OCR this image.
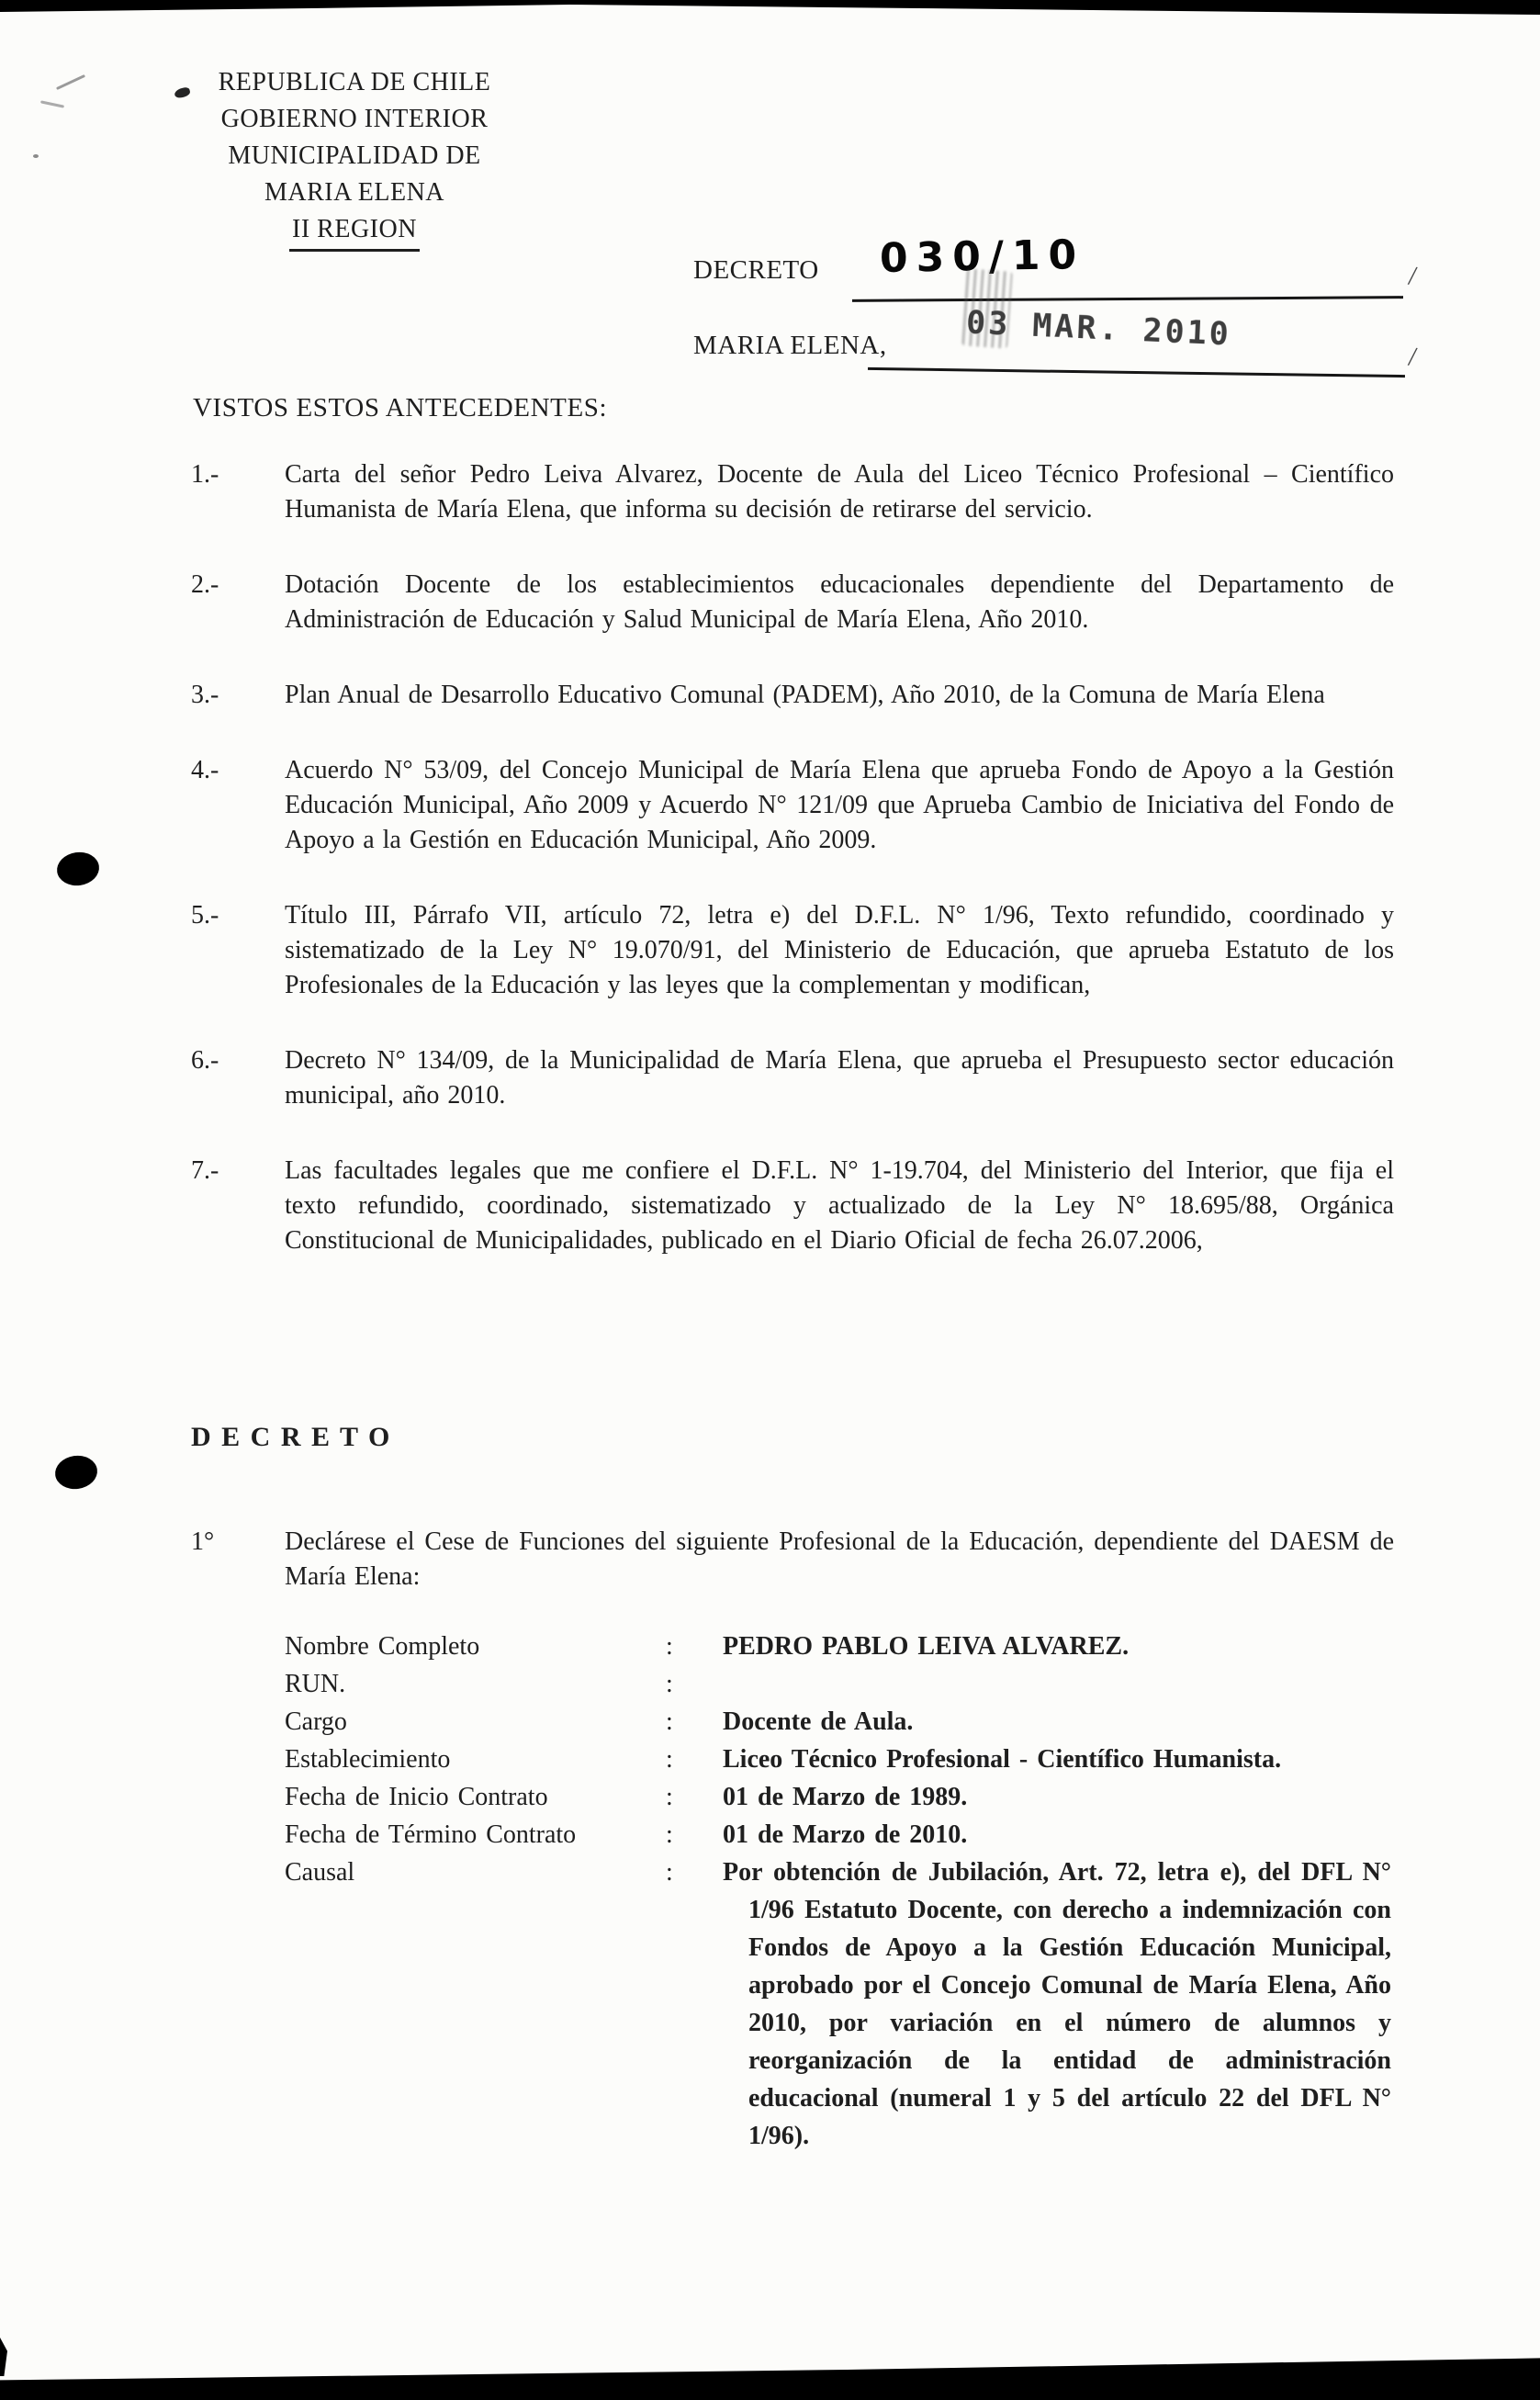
REPUBLICA DE CHILE
GOBIERNO INTERIOR
MUNICIPALIDAD DE
MARIA ELENA
II REGION
DECRETO 030/10	/
MARIA ELENA, 03 MAR. 2010
/
VISTOS ESTOS ANTECEDENTES:
1.-	Carta del señor Pedro Leiva Alvarez, Docente de Aula del Liceo Técnico Profesional – Científico Humanista de María Elena, que informa su decisión de retirarse del servicio.
2.-	Dotación Docente de los establecimientos educacionales dependiente del Departamento de Administración de Educación y Salud Municipal de María Elena, Año 2010.
3.-	Plan Anual de Desarrollo Educativo Comunal (PADEM), Año 2010, de la Comuna de María Elena
4.-	Acuerdo N° 53/09, del Concejo Municipal de María Elena que aprueba Fondo de Apoyo a la Gestión Educación Municipal, Año 2009 y Acuerdo N° 121/09 que Aprueba Cambio de Iniciativa del Fondo de Apoyo a la Gestión en Educación Municipal, Año 2009.
5.-	Título III, Párrafo VII, artículo 72, letra e) del D.F.L. N° 1/96, Texto refundido, coordinado y sistematizado de la Ley N° 19.070/91, del Ministerio de Educación, que aprueba Estatuto de los Profesionales de la Educación y las leyes que la complementan y modifican,
6.-	Decreto N° 134/09, de la Municipalidad de María Elena, que aprueba el Presupuesto sector educación municipal, año 2010.
7.-	Las facultades legales que me confiere el D.F.L. N° 1-19.704, del Ministerio del Interior, que fija el texto refundido, coordinado, sistematizado y actualizado de la Ley N° 18.695/88, Orgánica Constitucional de Municipalidades, publicado en el Diario Oficial de fecha 26.07.2006,
D E C R E T O
1°	Declárese el Cese de Funciones del siguiente Profesional de la Educación, dependiente del DAESM de María Elena:
Nombre Completo	:	PEDRO PABLO LEIVA ALVAREZ.
RUN.	:
Cargo	:	Docente de Aula.
Establecimiento	:	Liceo Técnico Profesional - Científico Humanista.
Fecha de Inicio Contrato	:	01 de Marzo de 1989.
Fecha de Término Contrato	:	01 de Marzo de 2010.
Causal	:	Por obtención de Jubilación, Art. 72, letra e), del DFL N° 1/96 Estatuto Docente, con derecho a indemnización con Fondos de Apoyo a la Gestión Educación Municipal, aprobado por el Concejo Comunal de María Elena, Año 2010, por variación en el número de alumnos y reorganización de la entidad de administración educacional (numeral 1 y 5 del artículo 22 del DFL N° 1/96).
